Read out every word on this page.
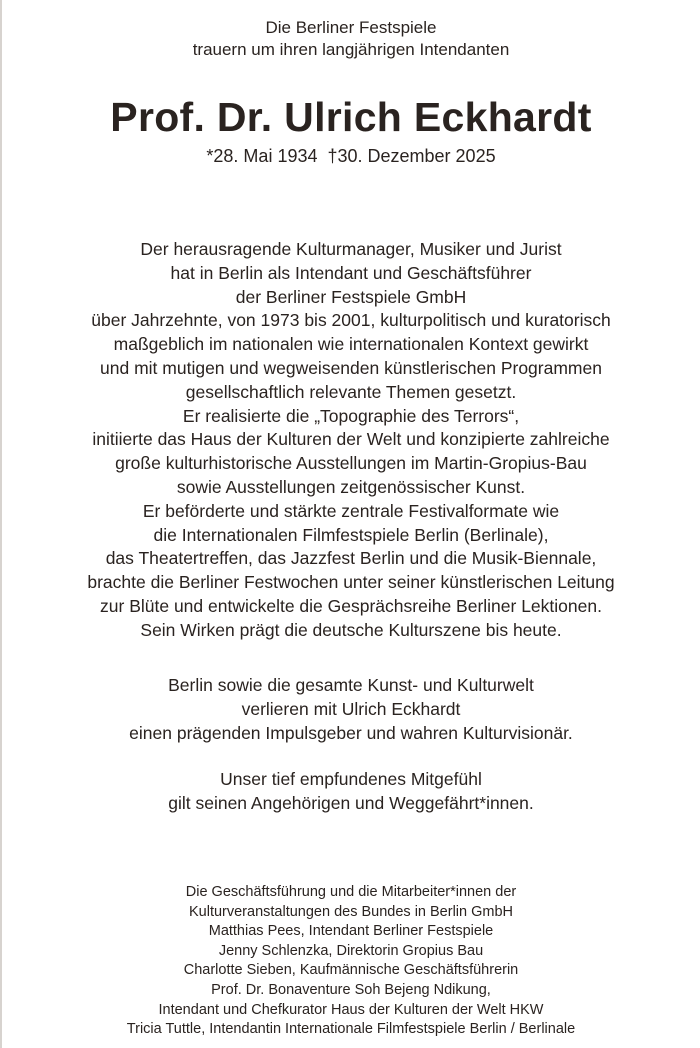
Die Berliner Festspiele
trauern um ihren langjährigen Intendanten
Prof. Dr. Ulrich Eckhardt
*28. Mai 1934 †30. Dezember 2025
Der herausragende Kulturmanager, Musiker und Jurist
hat in Berlin als Intendant und Geschäftsführer
der Berliner Festspiele GmbH
über Jahrzehnte, von 1973 bis 2001, kulturpolitisch und kuratorisch
maßgeblich im nationalen wie internationalen Kontext gewirkt
und mit mutigen und wegweisenden künstlerischen Programmen
gesellschaftlich relevante Themen gesetzt.
Er realisierte die „Topographie des Terrors“,
initiierte das Haus der Kulturen der Welt und konzipierte zahlreiche
große kulturhistorische Ausstellungen im Martin-Gropius-Bau
sowie Ausstellungen zeitgenössischer Kunst.
Er beförderte und stärkte zentrale Festivalformate wie
die Internationalen Filmfestspiele Berlin (Berlinale),
das Theatertreffen, das Jazzfest Berlin und die Musik-Biennale,
brachte die Berliner Festwochen unter seiner künstlerischen Leitung
zur Blüte und entwickelte die Gesprächsreihe Berliner Lektionen.
Sein Wirken prägt die deutsche Kulturszene bis heute.
Berlin sowie die gesamte Kunst- und Kulturwelt
verlieren mit Ulrich Eckhardt
einen prägenden Impulsgeber und wahren Kulturvisionär.
Unser tief empfundenes Mitgefühl
gilt seinen Angehörigen und Weggefährt*innen.
Die Geschäftsführung und die Mitarbeiter*innen der
Kulturveranstaltungen des Bundes in Berlin GmbH
Matthias Pees, Intendant Berliner Festspiele
Jenny Schlenzka, Direktorin Gropius Bau
Charlotte Sieben, Kaufmännische Geschäftsführerin
Prof. Dr. Bonaventure Soh Bejeng Ndikung,
Intendant und Chefkurator Haus der Kulturen der Welt HKW
Tricia Tuttle, Intendantin Internationale Filmfestspiele Berlin / Berlinale
